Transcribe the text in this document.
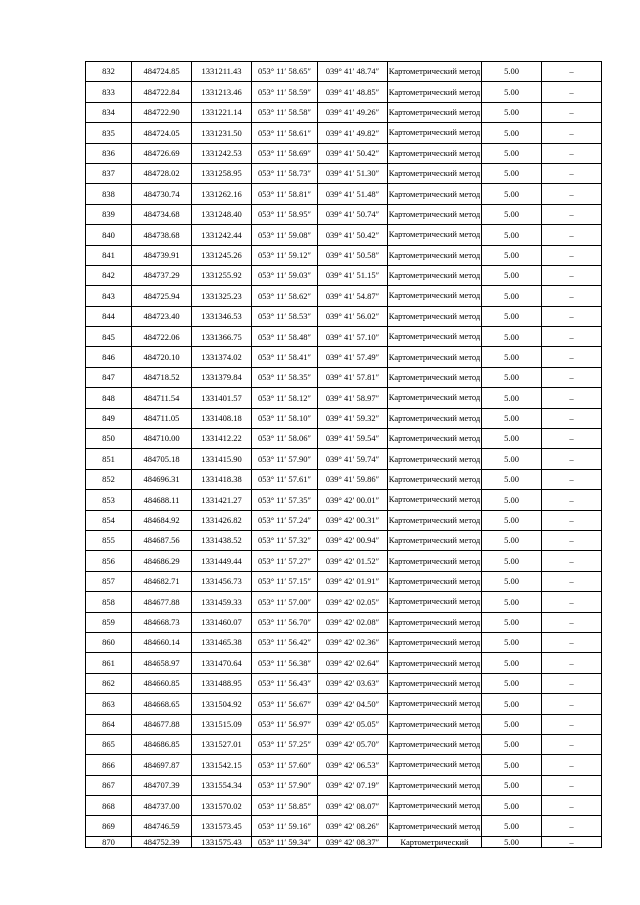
832	484724.85	1331211.43	053° 11′ 58.65″	039° 41′ 48.74″	Картометрический метод	5.00	–
833	484722.84	1331213.46	053° 11′ 58.59″	039° 41′ 48.85″	Картометрический метод	5.00	–
834	484722.90	1331221.14	053° 11′ 58.58″	039° 41′ 49.26″	Картометрический метод	5.00	–
835	484724.05	1331231.50	053° 11′ 58.61″	039° 41′ 49.82″	Картометрический метод	5.00	–
836	484726.69	1331242.53	053° 11′ 58.69″	039° 41′ 50.42″	Картометрический метод	5.00	–
837	484728.02	1331258.95	053° 11′ 58.73″	039° 41′ 51.30″	Картометрический метод	5.00	–
838	484730.74	1331262.16	053° 11′ 58.81″	039° 41′ 51.48″	Картометрический метод	5.00	–
839	484734.68	1331248.40	053° 11′ 58.95″	039° 41′ 50.74″	Картометрический метод	5.00	–
840	484738.68	1331242.44	053° 11′ 59.08″	039° 41′ 50.42″	Картометрический метод	5.00	–
841	484739.91	1331245.26	053° 11′ 59.12″	039° 41′ 50.58″	Картометрический метод	5.00	–
842	484737.29	1331255.92	053° 11′ 59.03″	039° 41′ 51.15″	Картометрический метод	5.00	–
843	484725.94	1331325.23	053° 11′ 58.62″	039° 41′ 54.87″	Картометрический метод	5.00	–
844	484723.40	1331346.53	053° 11′ 58.53″	039° 41′ 56.02″	Картометрический метод	5.00	–
845	484722.06	1331366.75	053° 11′ 58.48″	039° 41′ 57.10″	Картометрический метод	5.00	–
846	484720.10	1331374.02	053° 11′ 58.41″	039° 41′ 57.49″	Картометрический метод	5.00	–
847	484718.52	1331379.84	053° 11′ 58.35″	039° 41′ 57.81″	Картометрический метод	5.00	–
848	484711.54	1331401.57	053° 11′ 58.12″	039° 41′ 58.97″	Картометрический метод	5.00	–
849	484711.05	1331408.18	053° 11′ 58.10″	039° 41′ 59.32″	Картометрический метод	5.00	–
850	484710.00	1331412.22	053° 11′ 58.06″	039° 41′ 59.54″	Картометрический метод	5.00	–
851	484705.18	1331415.90	053° 11′ 57.90″	039° 41′ 59.74″	Картометрический метод	5.00	–
852	484696.31	1331418.38	053° 11′ 57.61″	039° 41′ 59.86″	Картометрический метод	5.00	–
853	484688.11	1331421.27	053° 11′ 57.35″	039° 42′ 00.01″	Картометрический метод	5.00	–
854	484684.92	1331426.82	053° 11′ 57.24″	039° 42′ 00.31″	Картометрический метод	5.00	–
855	484687.56	1331438.52	053° 11′ 57.32″	039° 42′ 00.94″	Картометрический метод	5.00	–
856	484686.29	1331449.44	053° 11′ 57.27″	039° 42′ 01.52″	Картометрический метод	5.00	–
857	484682.71	1331456.73	053° 11′ 57.15″	039° 42′ 01.91″	Картометрический метод	5.00	–
858	484677.88	1331459.33	053° 11′ 57.00″	039° 42′ 02.05″	Картометрический метод	5.00	–
859	484668.73	1331460.07	053° 11′ 56.70″	039° 42′ 02.08″	Картометрический метод	5.00	–
860	484660.14	1331465.38	053° 11′ 56.42″	039° 42′ 02.36″	Картометрический метод	5.00	–
861	484658.97	1331470.64	053° 11′ 56.38″	039° 42′ 02.64″	Картометрический метод	5.00	–
862	484660.85	1331488.95	053° 11′ 56.43″	039° 42′ 03.63″	Картометрический метод	5.00	–
863	484668.65	1331504.92	053° 11′ 56.67″	039° 42′ 04.50″	Картометрический метод	5.00	–
864	484677.88	1331515.09	053° 11′ 56.97″	039° 42′ 05.05″	Картометрический метод	5.00	–
865	484686.85	1331527.01	053° 11′ 57.25″	039° 42′ 05.70″	Картометрический метод	5.00	–
866	484697.87	1331542.15	053° 11′ 57.60″	039° 42′ 06.53″	Картометрический метод	5.00	–
867	484707.39	1331554.34	053° 11′ 57.90″	039° 42′ 07.19″	Картометрический метод	5.00	–
868	484737.00	1331570.02	053° 11′ 58.85″	039° 42′ 08.07″	Картометрический метод	5.00	–
869	484746.59	1331573.45	053° 11′ 59.16″	039° 42′ 08.26″	Картометрический метод	5.00	–
870	484752.39	1331575.43	053° 11′ 59.34″	039° 42′ 08.37″	Картометрический	5.00	–
